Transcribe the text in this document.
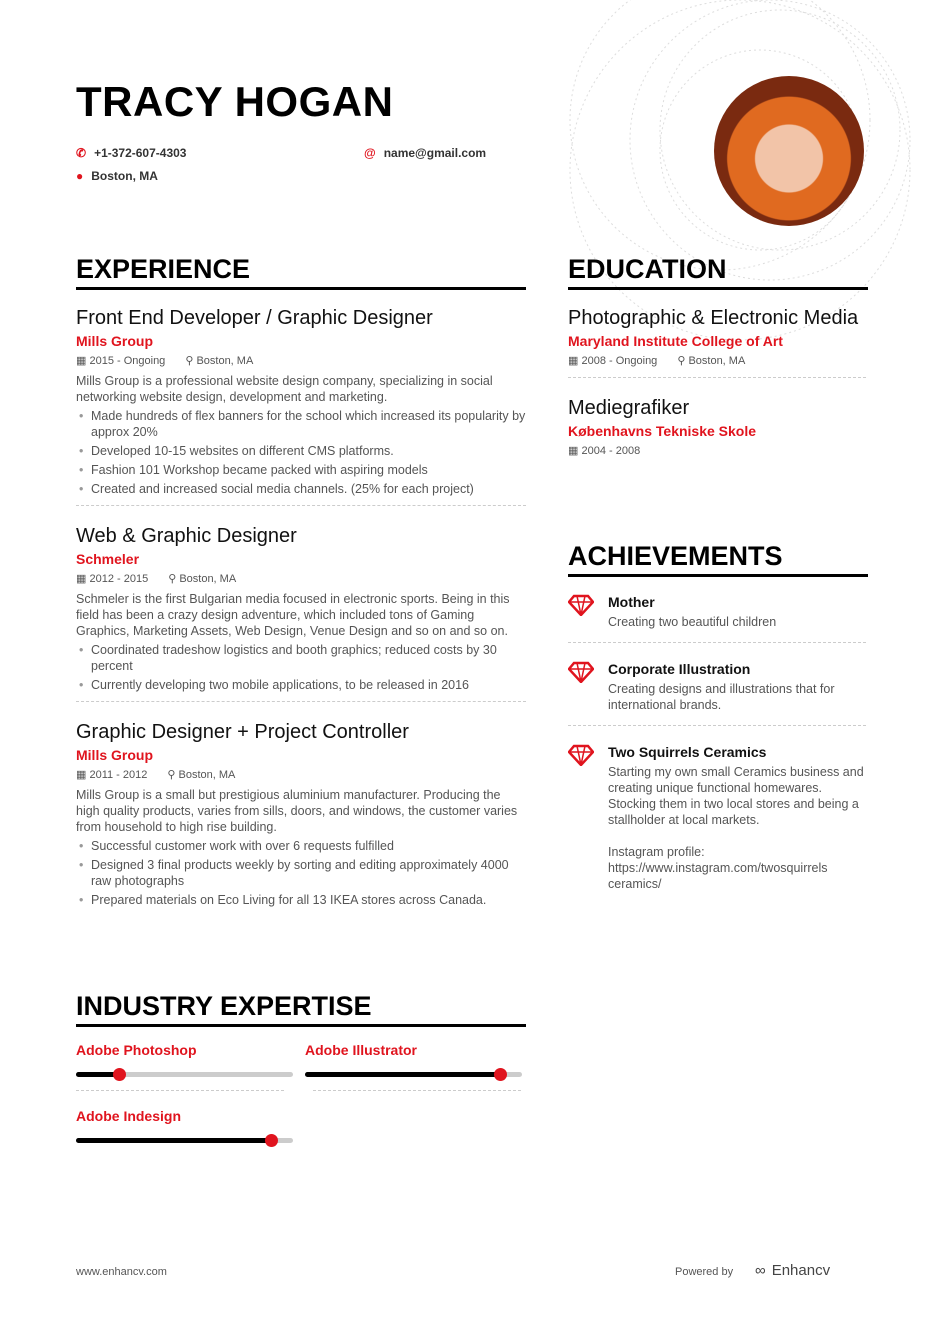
TRACY HOGAN
✆ +1-372-607-4303	@ name@gmail.com
● Boston, MA
EXPERIENCE
Front End Developer / Graphic Designer
Mills Group
▦ 2015 - Ongoing ⚲ Boston, MA
Mills Group is a professional website design company, specializing in social networking website design, development and marketing.
• Made hundreds of flex banners for the school which increased its popularity by approx 20%
• Developed 10-15 websites on different CMS platforms.
• Fashion 101 Workshop became packed with aspiring models
• Created and increased social media channels. (25% for each project)
Web & Graphic Designer
Schmeler
▦ 2012 - 2015 ⚲ Boston, MA
Schmeler is the first Bulgarian media focused in electronic sports. Being in this field has been a crazy design adventure, which included tons of Gaming Graphics, Marketing Assets, Web Design, Venue Design and so on and so on.
• Coordinated tradeshow logistics and booth graphics; reduced costs by 30 percent
• Currently developing two mobile applications, to be released in 2016
Graphic Designer + Project Controller
Mills Group
▦ 2011 - 2012 ⚲ Boston, MA
Mills Group is a small but prestigious aluminium manufacturer. Producing the high quality products, varies from sills, doors, and windows, the customer varies from household to high rise building.
• Successful customer work with over 6 requests fulfilled
• Designed 3 final products weekly by sorting and editing approximately 4000 raw photographs
• Prepared materials on Eco Living for all 13 IKEA stores across Canada.
EDUCATION
Photographic & Electronic Media
Maryland Institute College of Art
▦ 2008 - Ongoing ⚲ Boston, MA
Mediegrafiker
Københavns Tekniske Skole
▦ 2004 - 2008
ACHIEVEMENTS
Mother
Creating two beautiful children
Corporate Illustration
Creating designs and illustrations that for international brands.
Two Squirrels Ceramics
Starting my own small Ceramics business and creating unique functional homewares. Stocking them in two local stores and being a stallholder at local markets.

Instagram profile: https://www.instagram.com/twosquirrels ceramics/
INDUSTRY EXPERTISE
Adobe Photoshop	Adobe Illustrator
Adobe Indesign
www.enhancv.com	Powered by ∞ Enhancv
